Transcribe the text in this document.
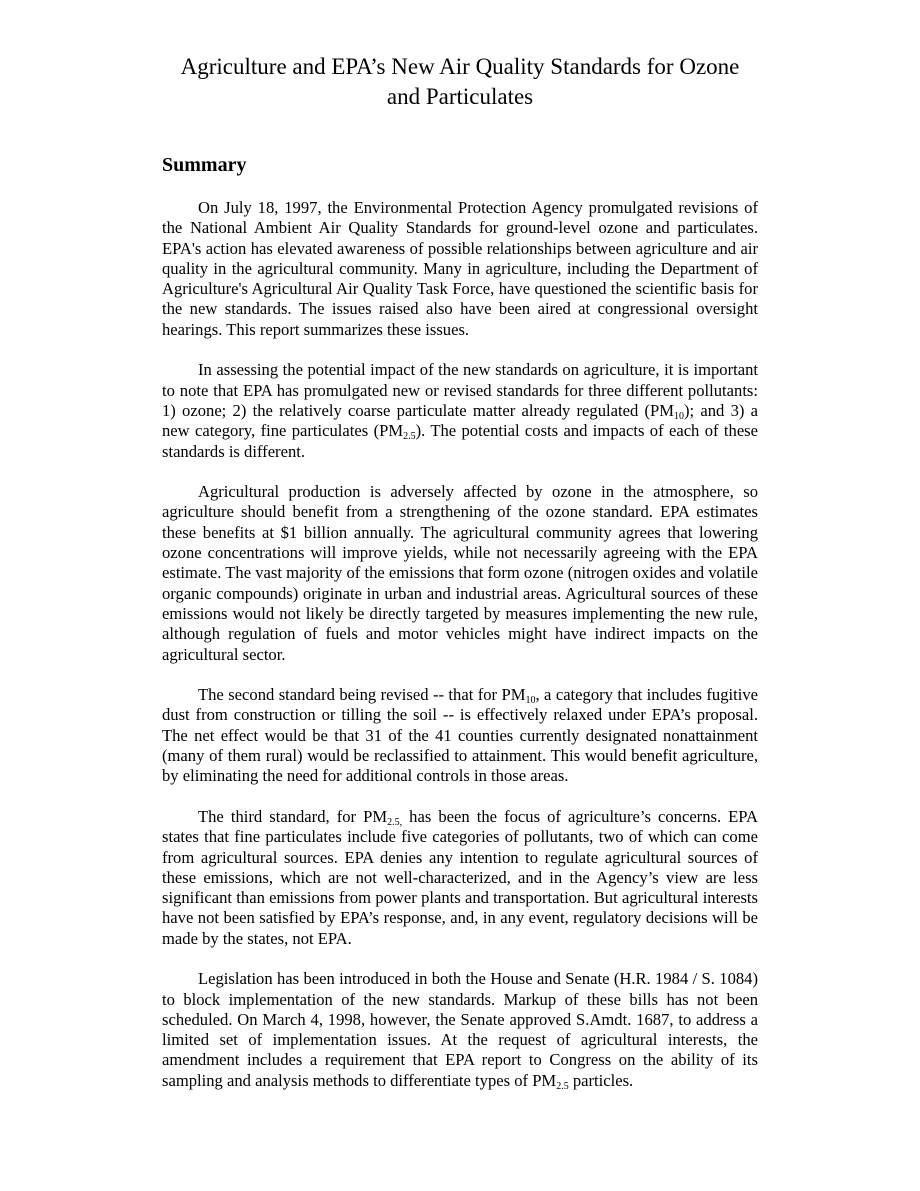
Agriculture and EPA’s New Air Quality Standards for Ozone and Particulates
Summary

On July 18, 1997, the Environmental Protection Agency promulgated revisions of the National Ambient Air Quality Standards for ground-level ozone and particulates. EPA's action has elevated awareness of possible relationships between agriculture and air quality in the agricultural community. Many in agriculture, including the Department of Agriculture's Agricultural Air Quality Task Force, have questioned the scientific basis for the new standards. The issues raised also have been aired at congressional oversight hearings. This report summarizes these issues.

In assessing the potential impact of the new standards on agriculture, it is important to note that EPA has promulgated new or revised standards for three different pollutants: 1) ozone; 2) the relatively coarse particulate matter already regulated $(PM_{10})$; and 3) a new category, fine particulates $(PM_{2.5})$. The potential costs and impacts of each of these standards is different.

Agricultural production is adversely affected by ozone in the atmosphere, so agriculture should benefit from a strengthening of the ozone standard. EPA estimates these benefits at $1 billion annually. The agricultural community agrees that lowering ozone concentrations will improve yields, while not necessarily agreeing with the EPA estimate. The vast majority of the emissions that form ozone (nitrogen oxides and volatile organic compounds) originate in urban and industrial areas. Agricultural sources of these emissions would not likely be directly targeted by measures implementing the new rule, although regulation of fuels and motor vehicles might have indirect impacts on the agricultural sector.

The second standard being revised -- that for $PM_{10}$, a category that includes fugitive dust from construction or tilling the soil -- is effectively relaxed under EPA’s proposal. The net effect would be that 31 of the 41 counties currently designated nonattainment (many of them rural) would be reclassified to attainment. This would benefit agriculture, by eliminating the need for additional controls in those areas.

The third standard, for $PM_{2.5,}$ has been the focus of agriculture’s concerns. EPA states that fine particulates include five categories of pollutants, two of which can come from agricultural sources. EPA denies any intention to regulate agricultural sources of these emissions, which are not well-characterized, and in the Agency’s view are less significant than emissions from power plants and transportation. But agricultural interests have not been satisfied by EPA’s response, and, in any event, regulatory decisions will be made by the states, not EPA.

Legislation has been introduced in both the House and Senate (H.R. 1984 / S. 1084) to block implementation of the new standards. Markup of these bills has not been scheduled. On March 4, 1998, however, the Senate approved S.Amdt. 1687, to address a limited set of implementation issues. At the request of agricultural interests, the amendment includes a requirement that EPA report to Congress on the ability of its sampling and analysis methods to differentiate types of $PM_{2.5}$ particles.
